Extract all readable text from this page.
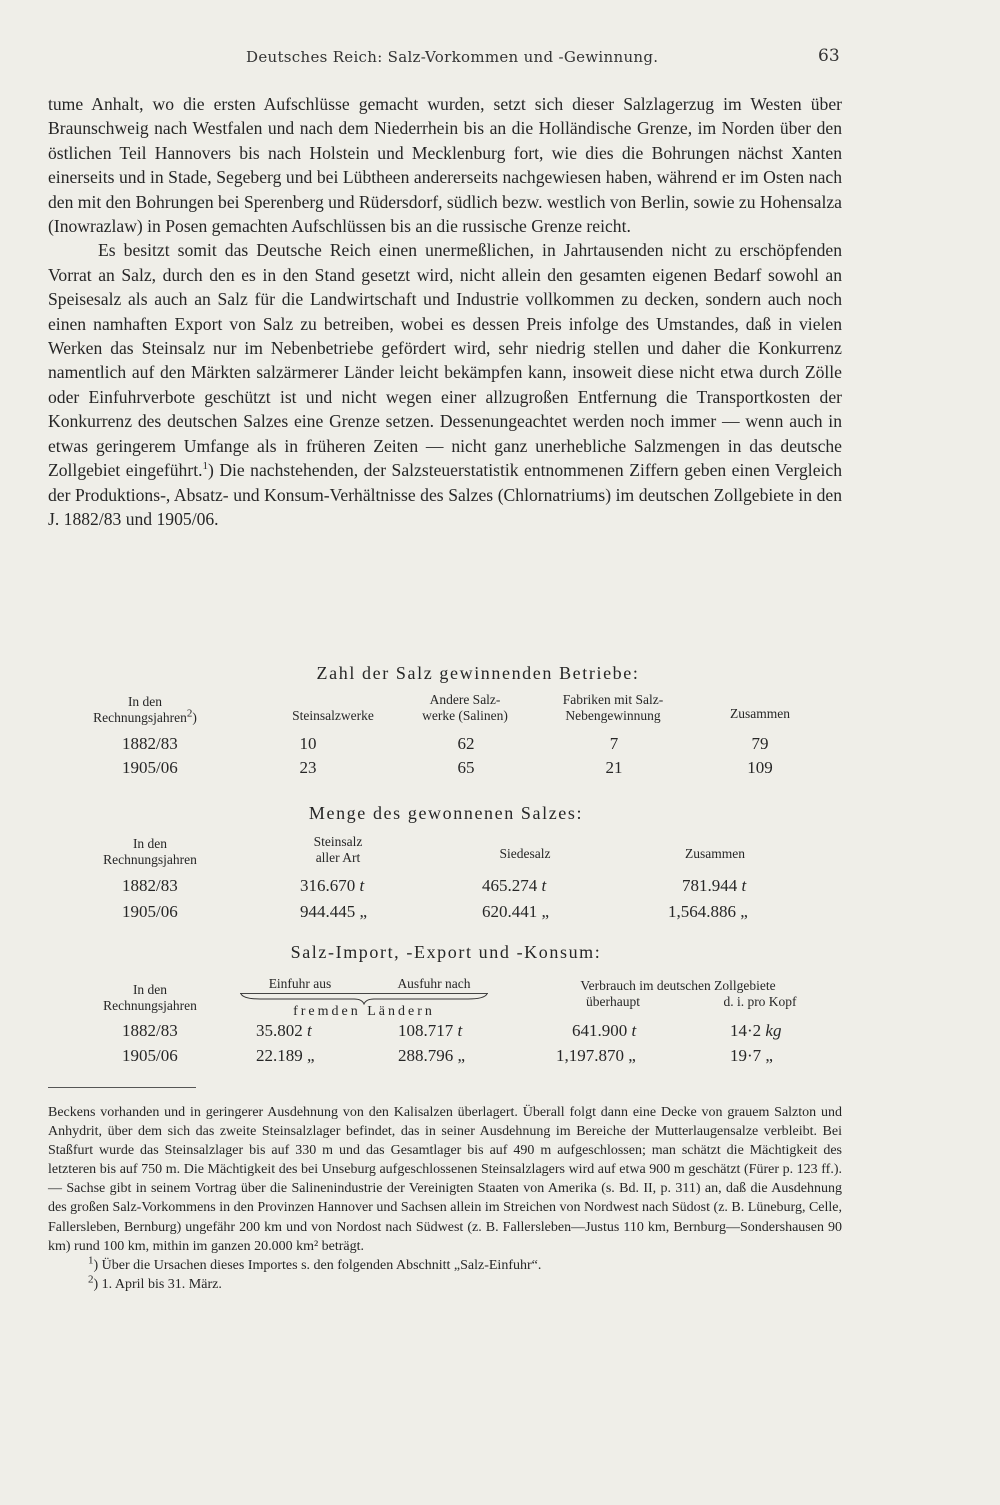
Deutsches Reich: Salz-Vorkommen und -Gewinnung.	63

tume Anhalt, wo die ersten Aufschlüsse gemacht wurden, setzt sich dieser Salzlagerzug im Westen über Braunschweig nach Westfalen und nach dem Niederrhein bis an die Holländische Grenze, im Norden über den östlichen Teil Hannovers bis nach Holstein und Mecklenburg fort, wie dies die Bohrungen nächst Xanten einerseits und in Stade, Segeberg und bei Lübtheen andererseits nachgewiesen haben, während er im Osten nach den mit den Bohrungen bei Sperenberg und Rüdersdorf, südlich bezw. westlich von Berlin, sowie zu Hohensalza (Inowrazlaw) in Posen gemachten Aufschlüssen bis an die russische Grenze reicht.

Es besitzt somit das Deutsche Reich einen unermeßlichen, in Jahrtausenden nicht zu erschöpfenden Vorrat an Salz, durch den es in den Stand gesetzt wird, nicht allein den gesamten eigenen Bedarf sowohl an Speisesalz als auch an Salz für die Landwirtschaft und Industrie vollkommen zu decken, sondern auch noch einen namhaften Export von Salz zu betreiben, wobei es dessen Preis infolge des Umstandes, daß in vielen Werken das Steinsalz nur im Nebenbetriebe gefördert wird, sehr niedrig stellen und daher die Konkurrenz namentlich auf den Märkten salzärmerer Länder leicht bekämpfen kann, insoweit diese nicht etwa durch Zölle oder Einfuhrverbote geschützt ist und nicht wegen einer allzugroßen Entfernung die Transportkosten der Konkurrenz des deutschen Salzes eine Grenze setzen. Dessenungeachtet werden noch immer — wenn auch in etwas geringerem Umfange als in früheren Zeiten — nicht ganz unerhebliche Salzmengen in das deutsche Zollgebiet eingeführt.$^1$) Die nachstehenden, der Salzsteuerstatistik entnommenen Ziffern geben einen Vergleich der Produktions-, Absatz- und Konsum-Verhältnisse des Salzes (Chlornatriums) im deutschen Zollgebiete in den J. 1882/83 und 1905/06.

Zahl der Salz gewinnenden Betriebe:
In den
Rechnungsjahren$^2$)	Steinsalzwerke
Andere Salz-
werke (Salinen)
Fabriken mit Salz-
Nebengewinnung	Zusammen
1882/83	10	62	7	79
1905/06	23	65	21	109
Menge des gewonnenen Salzes:
In den
Rechnungsjahren
Steinsalz
aller Art	Siedesalz	Zusammen
1882/83	316.670 t	465.274 t	781.944 t
1905/06	944.445 „	620.441 „	1,564.886 „
Salz-Import, -Export und -Konsum:
In den
Rechnungsjahren
Einfuhr aus	Ausfuhr nach
fremden Ländern
Verbrauch im deutschen Zollgebiete
überhaupt	d. i. pro Kopf
1882/83	35.802 t	108.717 t	641.900 t	14·2 kg
1905/06	22.189 „	288.796 „	1,197.870 „	19·7 „

Beckens vorhanden und in geringerer Ausdehnung von den Kalisalzen überlagert. Überall folgt dann eine Decke von grauem Salzton und Anhydrit, über dem sich das zweite Steinsalzlager befindet, das in seiner Ausdehnung im Bereiche der Mutterlaugensalze verbleibt. Bei Staßfurt wurde das Steinsalzlager bis auf 330 m und das Gesamtlager bis auf 490 m aufgeschlossen; man schätzt die Mächtigkeit des letzteren bis auf 750 m. Die Mächtigkeit des bei Unseburg aufgeschlossenen Steinsalzlagers wird auf etwa 900 m geschätzt (Fürer p. 123 ff.). — Sachse gibt in seinem Vortrag über die Salinenindustrie der Vereinigten Staaten von Amerika (s. Bd. II, p. 311) an, daß die Ausdehnung des großen Salz-Vorkommens in den Provinzen Hannover und Sachsen allein im Streichen von Nordwest nach Südost (z. B. Lüneburg, Celle, Fallersleben, Bernburg) ungefähr 200 km und von Nordost nach Südwest (z. B. Fallersleben—Justus 110 km, Bernburg—Sondershausen 90 km) rund 100 km, mithin im ganzen 20.000 km² beträgt.

$^1$) Über die Ursachen dieses Importes s. den folgenden Abschnitt „Salz-Einfuhr“.

$^2$) 1. April bis 31. März.
